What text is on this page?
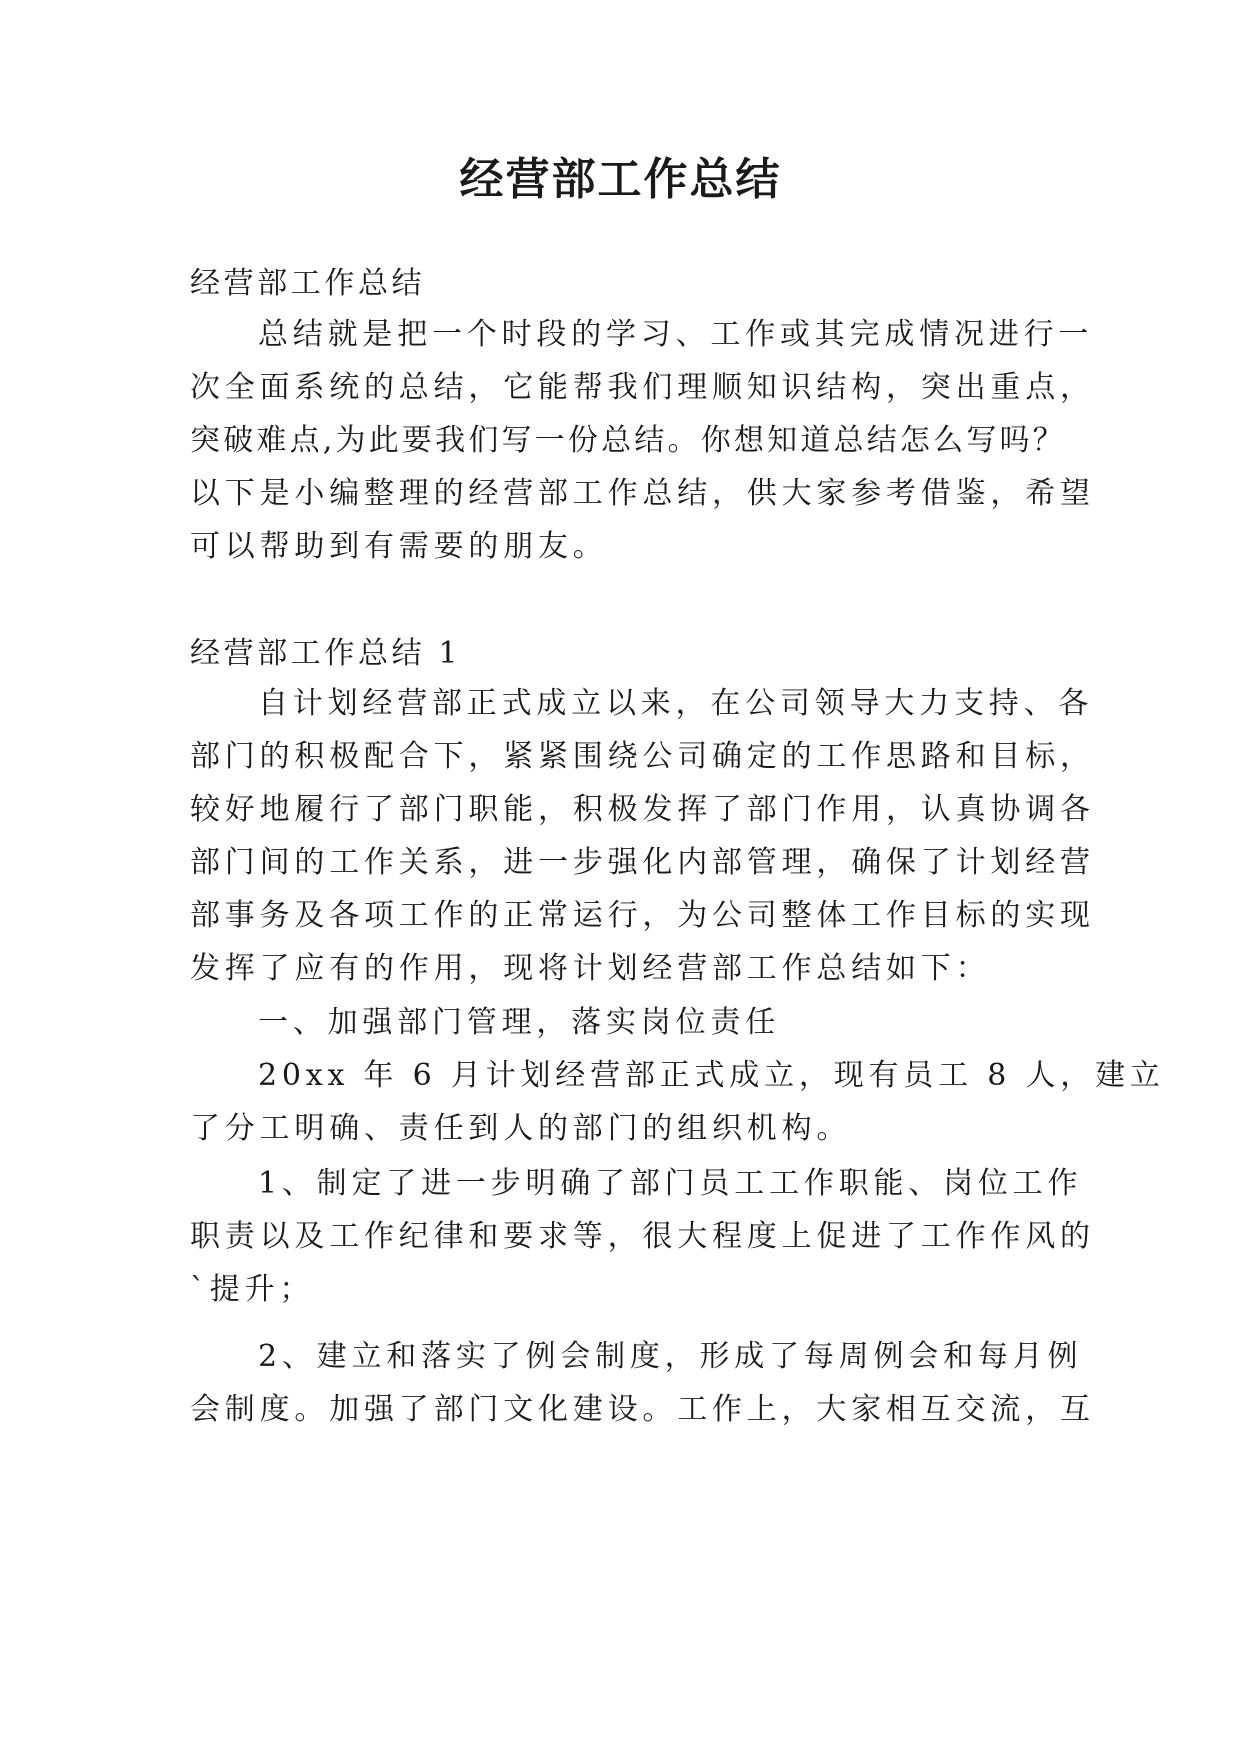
经营部工作总结
经营部工作总结
总结就是把一个时段的学习、工作或其完成情况进行一
次全面系统的总结，它能帮我们理顺知识结构，突出重点，
突破难点,为此要我们写一份总结。你想知道总结怎么写吗？
以下是小编整理的经营部工作总结，供大家参考借鉴，希望
可以帮助到有需要的朋友。
经营部工作总结 1
自计划经营部正式成立以来，在公司领导大力支持、各
部门的积极配合下，紧紧围绕公司确定的工作思路和目标，
较好地履行了部门职能，积极发挥了部门作用，认真协调各
部门间的工作关系，进一步强化内部管理，确保了计划经营
部事务及各项工作的正常运行，为公司整体工作目标的实现
发挥了应有的作用，现将计划经营部工作总结如下：
一、加强部门管理，落实岗位责任
20xx 年 6 月计划经营部正式成立，现有员工 8 人，建立
了分工明确、责任到人的部门的组织机构。
1、制定了进一步明确了部门员工工作职能、岗位工作
职责以及工作纪律和要求等，很大程度上促进了工作作风的
`提升；
2、建立和落实了例会制度，形成了每周例会和每月例
会制度。加强了部门文化建设。工作上，大家相互交流，互
